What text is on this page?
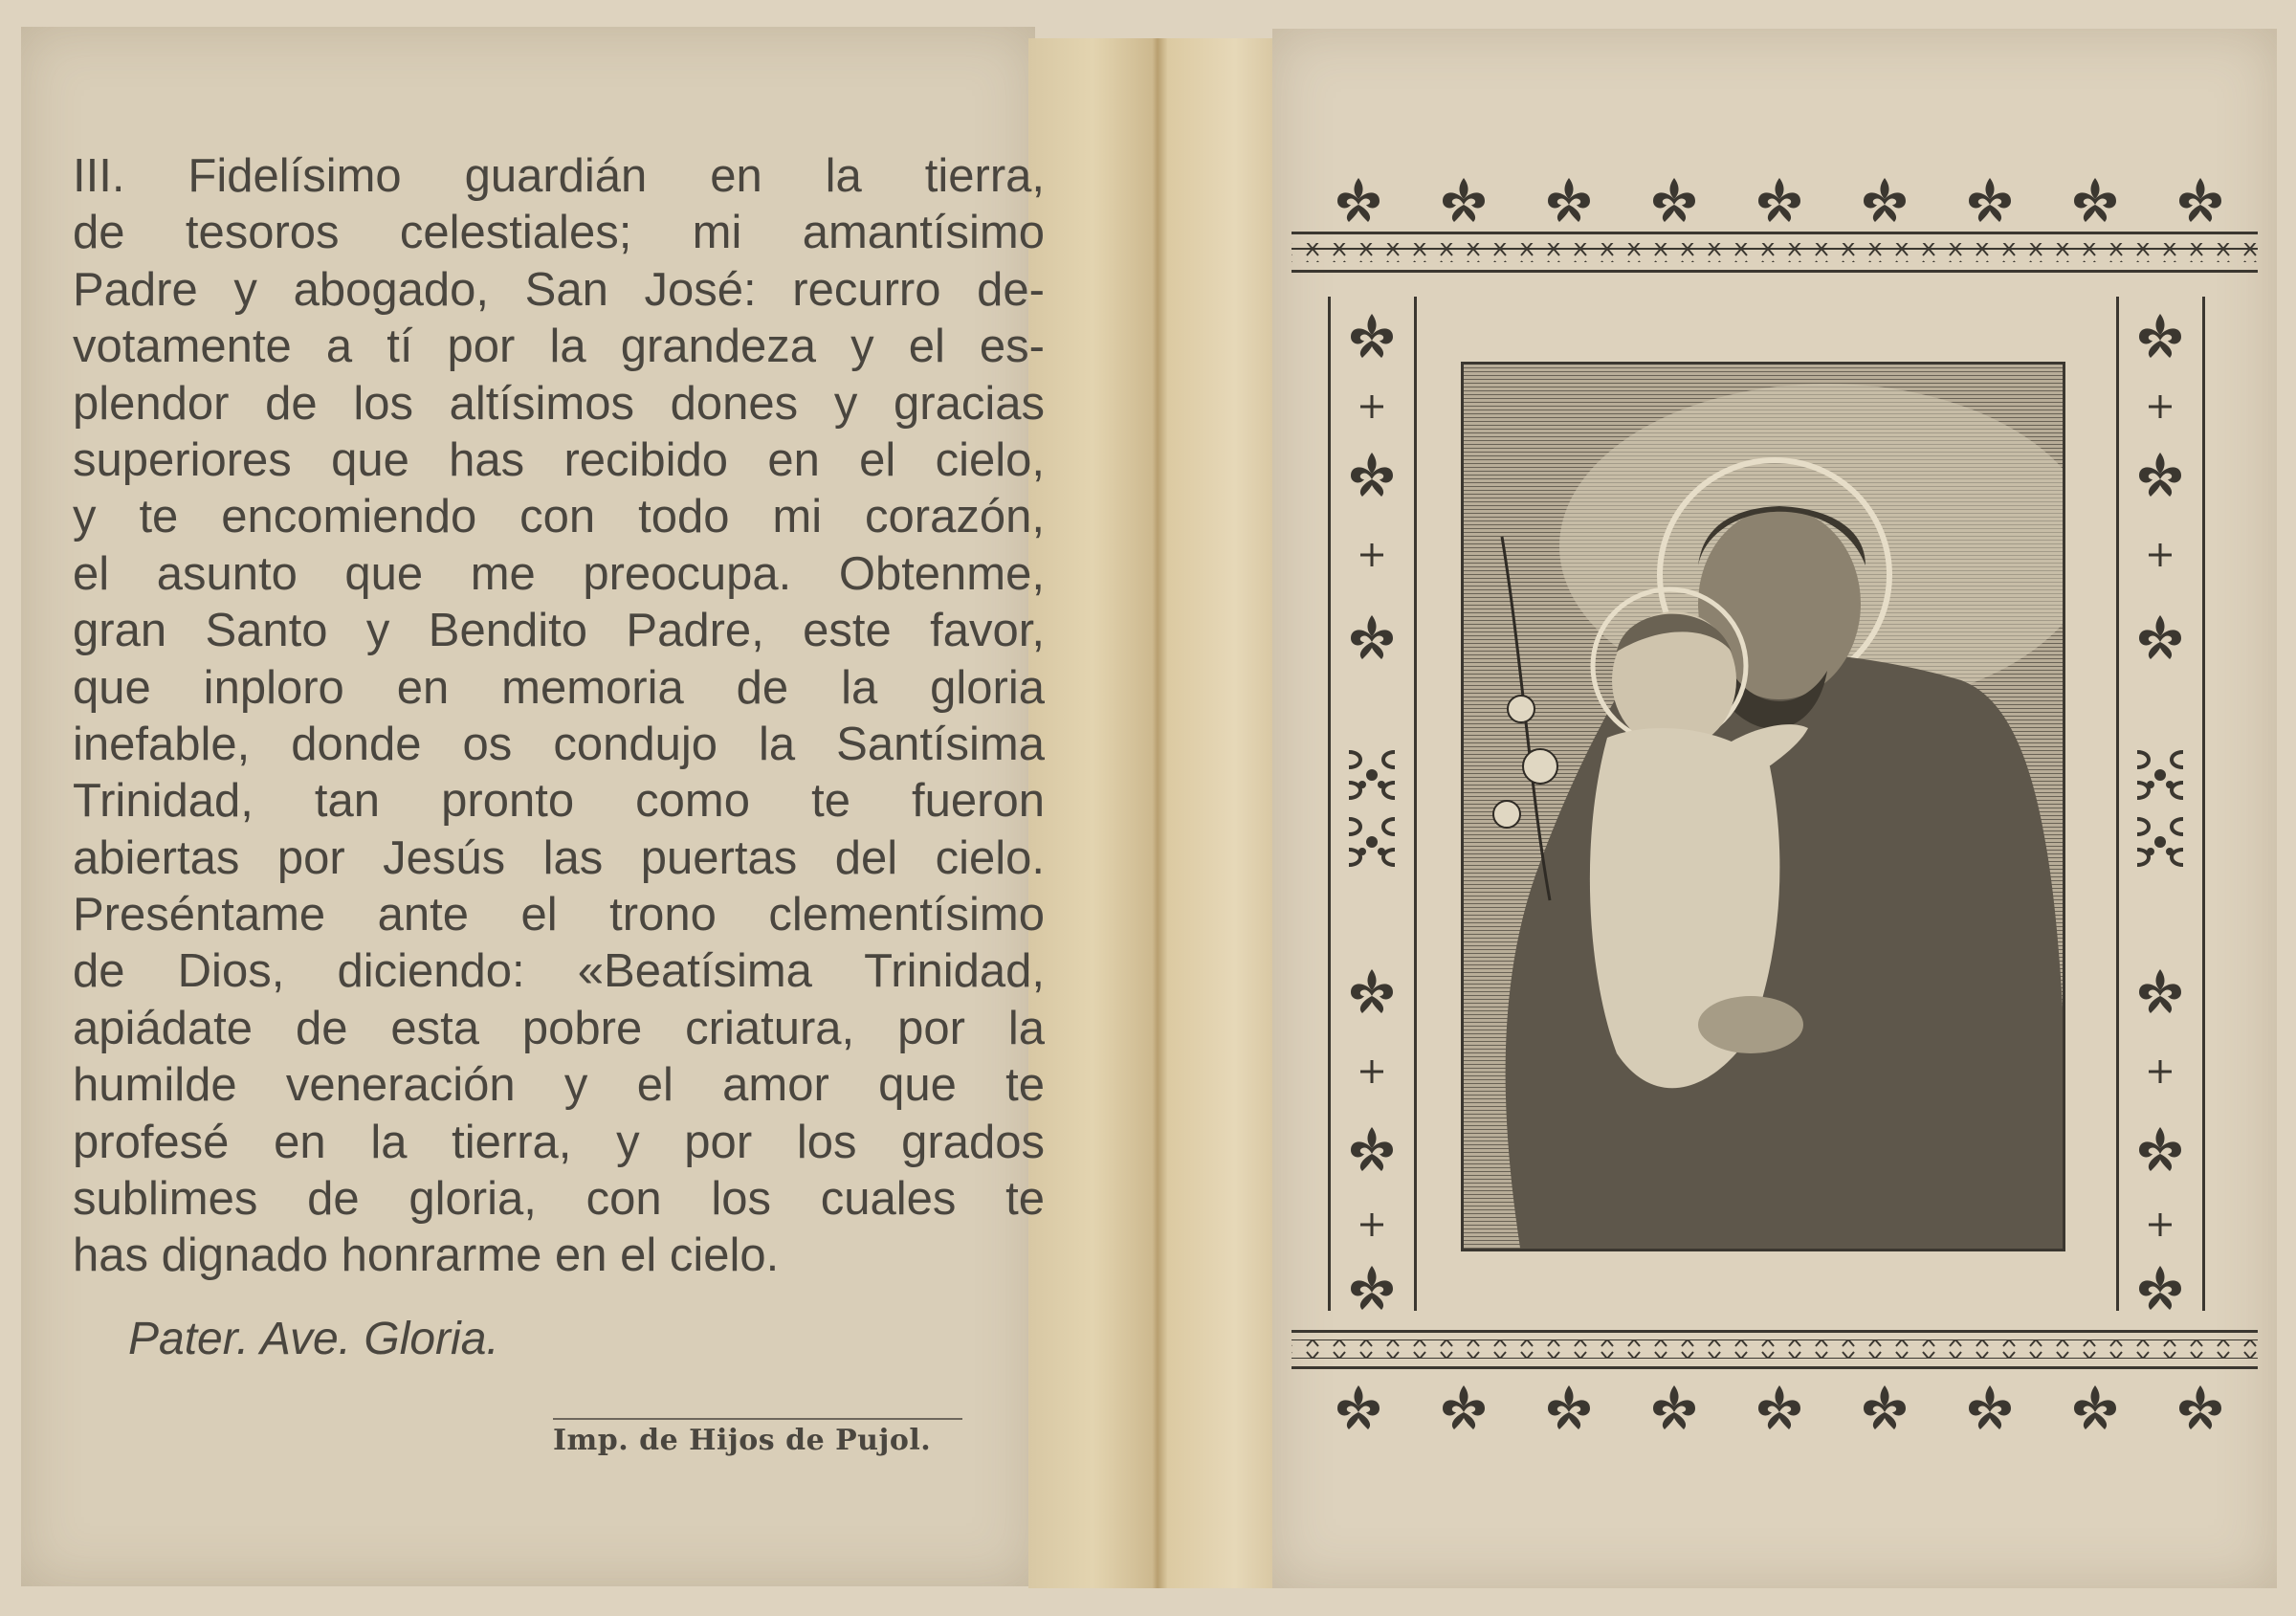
III. Fidelísimo guardián en la tierra,
de tesoros celestiales; mi amantísimo
Padre y abogado, San José: recurro de-
votamente a tí por la grandeza y el es-
plendor de los altísimos dones y gracias
superiores que has recibido en el cielo,
y te encomiendo con todo mi corazón,
el asunto que me preocupa. Obtenme,
gran Santo y Bendito Padre, este favor,
que inploro en memoria de la gloria
inefable, donde os condujo la Santísima
Trinidad, tan pronto como te fueron
abiertas por Jesús las puertas del cielo.
Preséntame ante el trono clementísimo
de Dios, diciendo: «Beatísima Trinidad,
apiádate de esta pobre criatura, por la
humilde veneración y el amor que te
profesé en la tierra, y por los grados
sublimes de gloria, con los cuales te
has dignado honrarme en el cielo.
Pater. Ave. Gloria.
Imp. de Hijos de Pujol.
